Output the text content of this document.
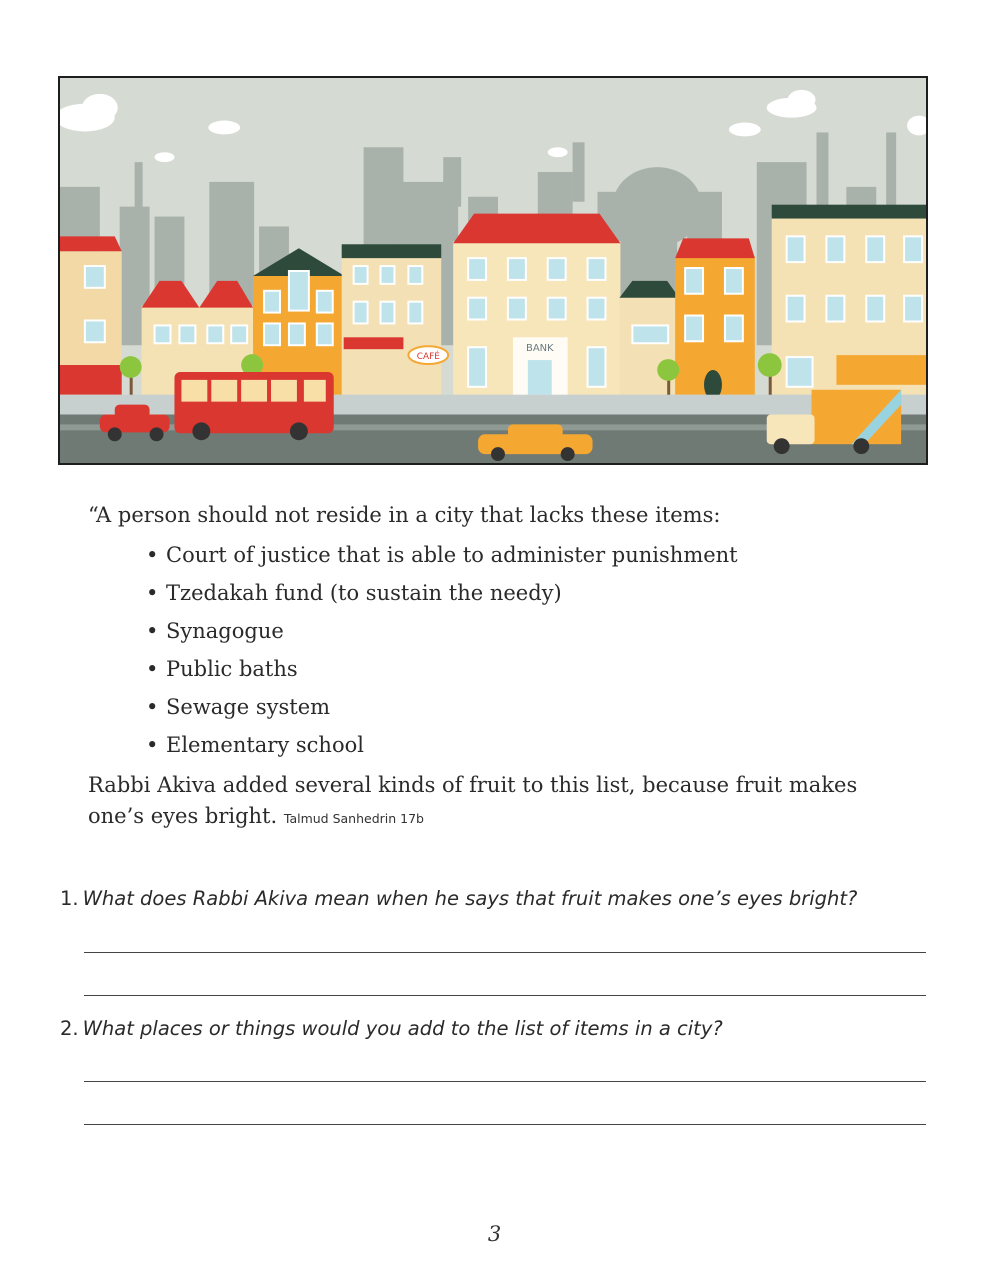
CAFÉ
BANK
“A person should not reside in a city that lacks these items:
• Court of justice that is able to administer punishment
• Tzedakah fund (to sustain the needy)
• Synagogue
• Public baths
• Sewage system
• Elementary school
Rabbi Akiva added several kinds of fruit to this list, because fruit makes one’s eyes bright. Talmud Sanhedrin 17b
1. What does Rabbi Akiva mean when he says that fruit makes one’s eyes bright?
2. What places or things would you add to the list of items in a city?
3
